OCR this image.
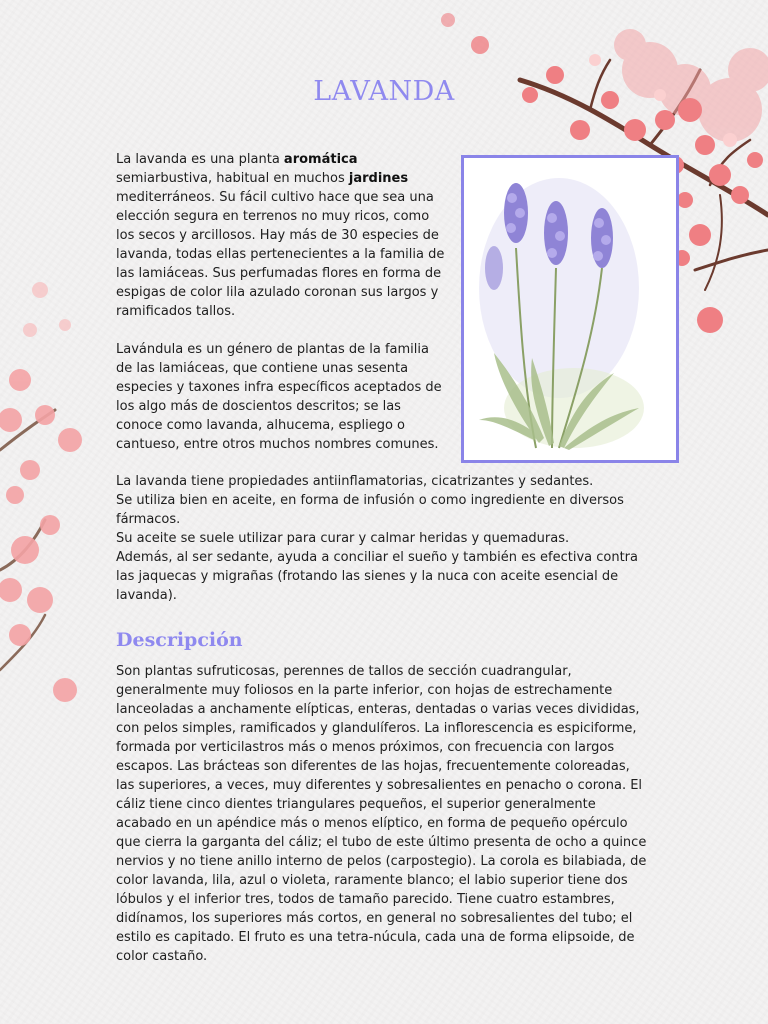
LAVANDA

La lavanda es una planta aromática semiarbustiva, habitual en muchos jardines mediterráneos. Su fácil cultivo hace que sea una elección segura en terrenos no muy ricos, como los secos y arcillosos. Hay más de 30 especies de lavanda, todas ellas pertenecientes a la familia de las lamiáceas. Sus perfumadas flores en forma de espigas de color lila azulado coronan sus largos y ramificados tallos.

Lavándula es un género de plantas de la familia de las lamiáceas, que contiene unas sesenta especies y taxones infra específicos aceptados de los algo más de doscientos descritos; se las conoce como lavanda, alhucema, espliego o cantueso, entre otros muchos nombres comunes.

La lavanda tiene propiedades antiinflamatorias, cicatrizantes y sedantes.
Se utiliza bien en aceite, en forma de infusión o como ingrediente en diversos fármacos.
Su aceite se suele utilizar para curar y calmar heridas y quemaduras.
Además, al ser sedante, ayuda a conciliar el sueño y también es efectiva contra las jaquecas y migrañas (frotando las sienes y la nuca con aceite esencial de lavanda).
Descripción

Son plantas sufruticosas, perennes de tallos de sección cuadrangular, generalmente muy foliosos en la parte inferior, con hojas de estrechamente lanceoladas a anchamente elípticas, enteras, dentadas o varias veces divididas, con pelos simples, ramificados y glandulíferos. La inflorescencia es espiciforme, formada por verticilastros más o menos próximos, con frecuencia con largos escapos. Las brácteas son diferentes de las hojas, frecuentemente coloreadas, las superiores, a veces, muy diferentes y sobresalientes en penacho o corona. El cáliz tiene cinco dientes triangulares pequeños, el superior generalmente acabado en un apéndice más o menos elíptico, en forma de pequeño opérculo que cierra la garganta del cáliz; el tubo de este último presenta de ocho a quince nervios y no tiene anillo interno de pelos (carpostegio). La corola es bilabiada, de color lavanda, lila, azul o violeta, raramente blanco; el labio superior tiene dos lóbulos y el inferior tres, todos de tamaño parecido. Tiene cuatro estambres, didínamos, los superiores más cortos, en general no sobresalientes del tubo; el estilo es capitado. El fruto es una tetra-núcula, cada una de forma elipsoide, de color castaño.
